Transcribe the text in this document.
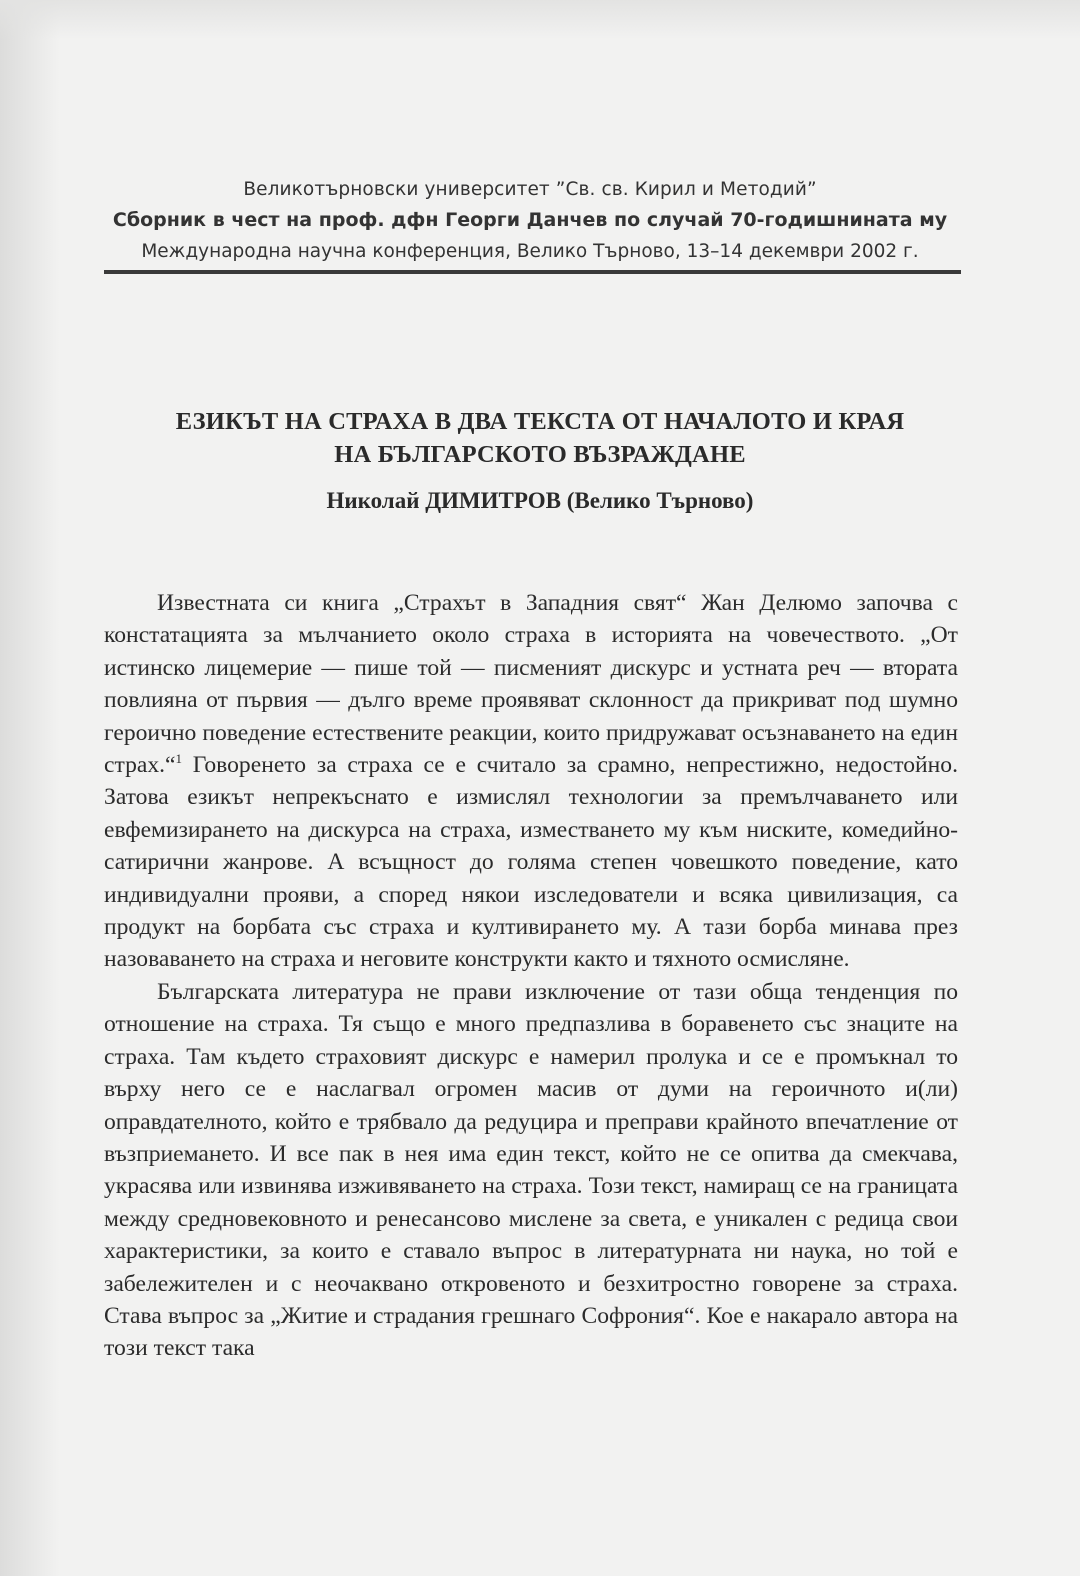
Великотърновски университет ”Св. св. Кирил и Методий”
Сборник в чест на проф. дфн Георги Данчев по случай 70-годишнината му
Международна научна конференция, Велико Търново, 13–14 декември 2002 г.
ЕЗИКЪТ НА СТРАХА В ДВА ТЕКСТА ОТ НАЧАЛОТО И КРАЯ
НА БЪЛГАРСКОТО ВЪЗРАЖДАНЕ
Николай ДИМИТРОВ (Велико Търново)

Известната си книга „Страхът в Западния свят“ Жан Делюмо започва с констатацията за мълчанието около страха в историята на човечеството. „От истинско лицемерие — пише той — писменият дискурс и устната реч — втората повлияна от първия — дълго време проявяват склонност да прикриват под шумно героично поведение естествените реакции, които придружават осъзнаването на един страх.“$^1$ Говоренето за страха се е считало за срамно, непрестижно, недостойно. Затова езикът непрекъснато е измислял технологии за премълчаването или евфемизирането на дискурса на страха, изместването му към ниските, комедийно-сатирични жанрове. А всъщност до голяма степен човешкото поведение, като индивидуални прояви, а според някои изследователи и всяка цивилизация, са продукт на борбата със страха и култивирането му. А тази борба минава през назоваването на страха и неговите конструкти както и тяхното осмисляне.

Българската литература не прави изключение от тази обща тенденция по отношение на страха. Тя също е много предпазлива в боравенето със знаците на страха. Там където страховият дискурс е намерил пролука и се е промъкнал то върху него се е наслагвал огромен масив от думи на героичното и(ли) оправдателното, който е трябвало да редуцира и преправи крайното впечатление от възприемането. И все пак в нея има един текст, който не се опитва да смекчава, украсява или извинява изживяването на страха. Този текст, намиращ се на границата между средновековното и ренесансово мислене за света, е уникален с редица свои характеристики, за които е ставало въпрос в литературната ни наука, но той е забележителен и с неочаквано откровеното и безхитростно говорене за страха. Става въпрос за „Житие и страдания грешнаго Софрония“. Кое е накарало автора на този текст така
